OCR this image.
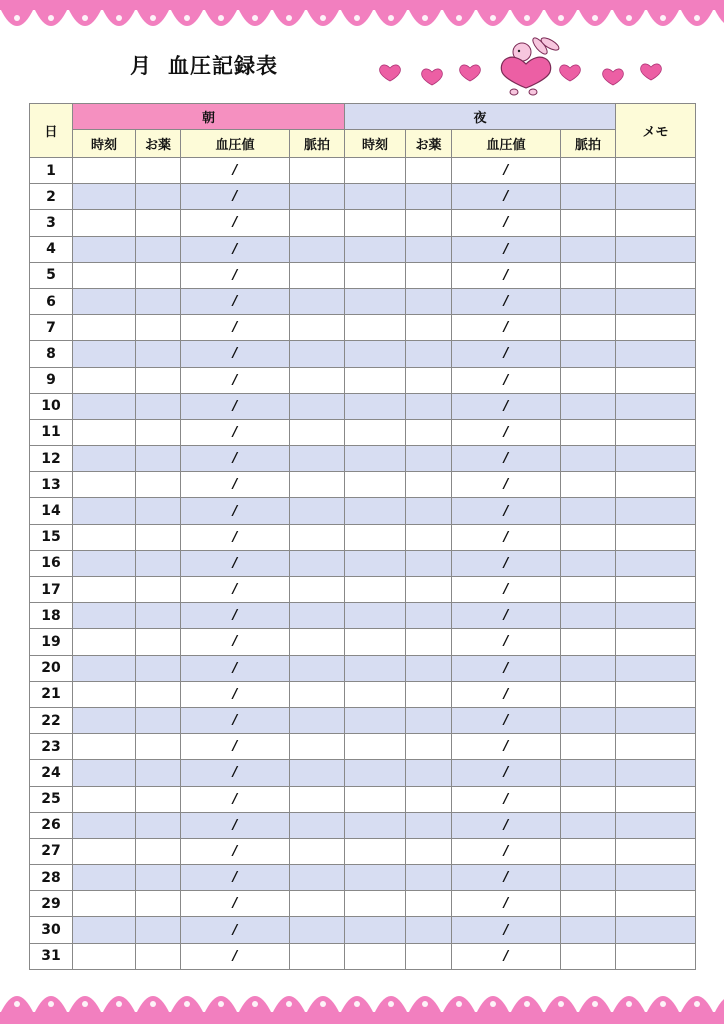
月 血圧記録表
日	朝				夜				メモ
	時刻	お薬	血圧値	脈拍	時刻	お薬	血圧値	脈拍	
1			/				/		
2			/				/		
3			/				/		
4			/				/		
5			/				/		
6			/				/		
7			/				/		
8			/				/		
9			/				/		
10			/				/		
11			/				/		
12			/				/		
13			/				/		
14			/				/		
15			/				/		
16			/				/		
17			/				/		
18			/				/		
19			/				/		
20			/				/		
21			/				/		
22			/				/		
23			/				/		
24			/				/		
25			/				/		
26			/				/		
27			/				/		
28			/				/		
29			/				/		
30			/				/		
31			/				/		
